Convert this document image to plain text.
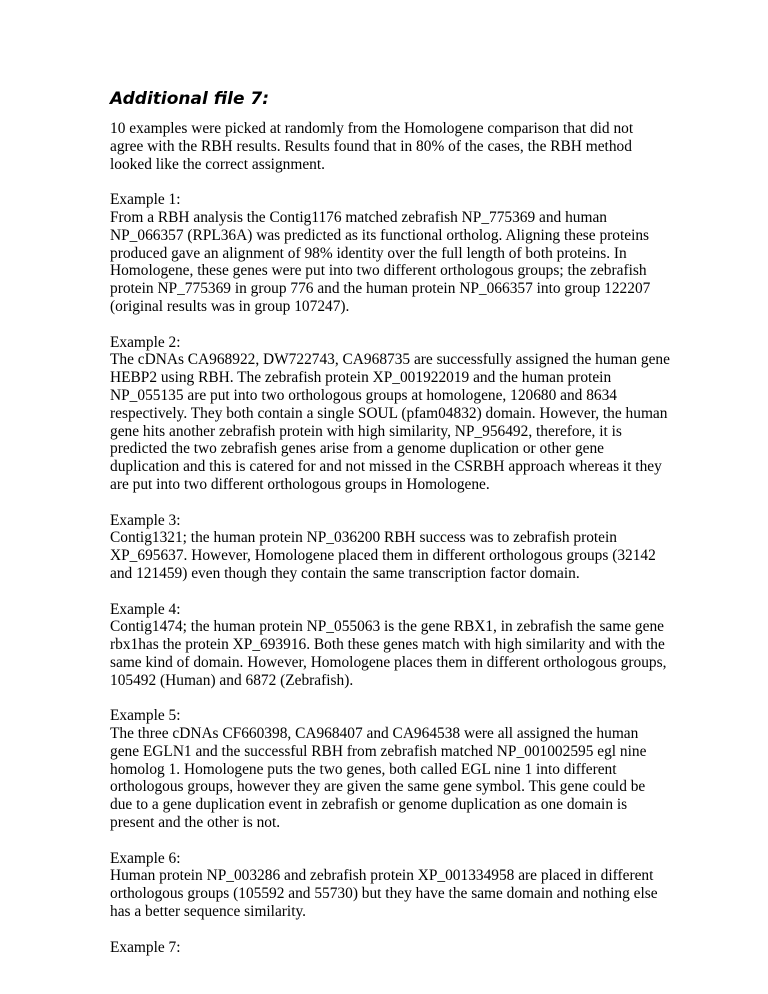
Additional file 7:

10 examples were picked at randomly from the Homologene comparison that did not agree with the RBH results. Results found that in 80% of the cases, the RBH method looked like the correct assignment.

Example 1:
From a RBH analysis the Contig1176 matched zebrafish NP_775369 and human NP_066357 (RPL36A) was predicted as its functional ortholog. Aligning these proteins produced gave an alignment of 98% identity over the full length of both proteins. In Homologene, these genes were put into two different orthologous groups; the zebrafish protein NP_775369 in group 776 and the human protein NP_066357 into group 122207 (original results was in group 107247).

Example 2:
The cDNAs CA968922, DW722743, CA968735 are successfully assigned the human gene HEBP2 using RBH. The zebrafish protein XP_001922019 and the human protein NP_055135 are put into two orthologous groups at homologene, 120680 and 8634 respectively. They both contain a single SOUL (pfam04832) domain. However, the human gene hits another zebrafish protein with high similarity, NP_956492, therefore, it is predicted the two zebrafish genes arise from a genome duplication or other gene duplication and this is catered for and not missed in the CSRBH approach whereas it they are put into two different orthologous groups in Homologene.

Example 3:
Contig1321; the human protein NP_036200 RBH success was to zebrafish protein XP_695637. However, Homologene placed them in different orthologous groups (32142 and 121459) even though they contain the same transcription factor domain.

Example 4:
Contig1474; the human protein NP_055063 is the gene RBX1, in zebrafish the same gene rbx1has the protein XP_693916. Both these genes match with high similarity and with the same kind of domain. However, Homologene places them in different orthologous groups, 105492 (Human) and 6872 (Zebrafish).

Example 5:
The three cDNAs CF660398, CA968407 and CA964538 were all assigned the human gene EGLN1 and the successful RBH from zebrafish matched NP_001002595 egl nine homolog 1. Homologene puts the two genes, both called EGL nine 1 into different orthologous groups, however they are given the same gene symbol. This gene could be due to a gene duplication event in zebrafish or genome duplication as one domain is present and the other is not.

Example 6:
Human protein NP_003286 and zebrafish protein XP_001334958 are placed in different orthologous groups (105592 and 55730) but they have the same domain and nothing else has a better sequence similarity.

Example 7:
